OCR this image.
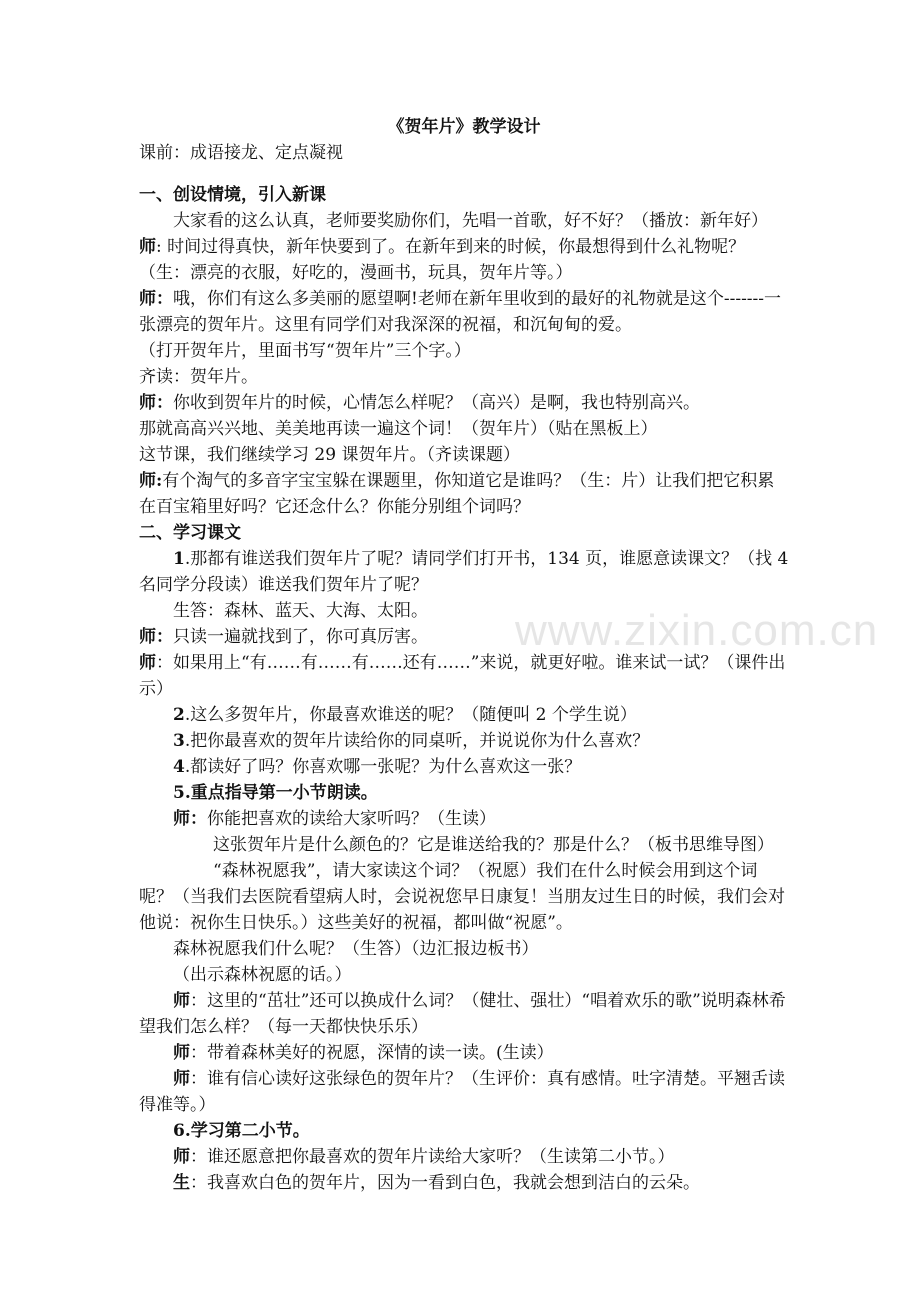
www.zixin.com.cn
《贺年片》教学设计

课前：成语接龙、定点凝视

一、创设情境，引入新课

大家看的这么认真，老师要奖励你们，先唱一首歌，好不好？（播放：新年好）

师: 时间过得真快，新年快要到了。在新年到来的时候，你最想得到什么礼物呢？（生：漂亮的衣服，好吃的，漫画书，玩具，贺年片等。）

师：哦，你们有这么多美丽的愿望啊!老师在新年里收到的最好的礼物就是这个-------一张漂亮的贺年片。这里有同学们对我深深的祝福，和沉甸甸的爱。

（打开贺年片，里面书写“贺年片”三个字。）

齐读：贺年片。

师：你收到贺年片的时候，心情怎么样呢？（高兴）是啊，我也特别高兴。

那就高高兴兴地、美美地再读一遍这个词！（贺年片）（贴在黑板上）

这节课，我们继续学习 29 课贺年片。（齐读课题）

师:有个淘气的多音字宝宝躲在课题里，你知道它是谁吗？（生：片）让我们把它积累在百宝箱里好吗？它还念什么？你能分别组个词吗？

二、学习课文

1.那都有谁送我们贺年片了呢？请同学们打开书，134 页，谁愿意读课文？（找 4 名同学分段读）谁送我们贺年片了呢？

生答：森林、蓝天、大海、太阳。

师：只读一遍就找到了，你可真厉害。

师：如果用上“有……有……有……还有……”来说，就更好啦。谁来试一试？（课件出示）

2.这么多贺年片，你最喜欢谁送的呢？（随便叫 2 个学生说）

3.把你最喜欢的贺年片读给你的同桌听，并说说你为什么喜欢？

4.都读好了吗？你喜欢哪一张呢？为什么喜欢这一张？

5.重点指导第一小节朗读。

师：你能把喜欢的读给大家听吗？（生读）

这张贺年片是什么颜色的？它是谁送给我的？那是什么？（板书思维导图）

“森林祝愿我”，请大家读这个词？（祝愿）我们在什么时候会用到这个词呢？（当我们去医院看望病人时，会说祝您早日康复！当朋友过生日的时候，我们会对他说：祝你生日快乐。）这些美好的祝福，都叫做“祝愿”。

森林祝愿我们什么呢？（生答）（边汇报边板书）

（出示森林祝愿的话。）

师：这里的“茁壮”还可以换成什么词？（健壮、强壮）“唱着欢乐的歌”说明森林希望我们怎么样？（每一天都快快乐乐）

师：带着森林美好的祝愿，深情的读一读。(生读）

师：谁有信心读好这张绿色的贺年片？（生评价：真有感情。吐字清楚。平翘舌读得准等。）

6.学习第二小节。

师：谁还愿意把你最喜欢的贺年片读给大家听？（生读第二小节。）

生：我喜欢白色的贺年片，因为一看到白色，我就会想到洁白的云朵。
